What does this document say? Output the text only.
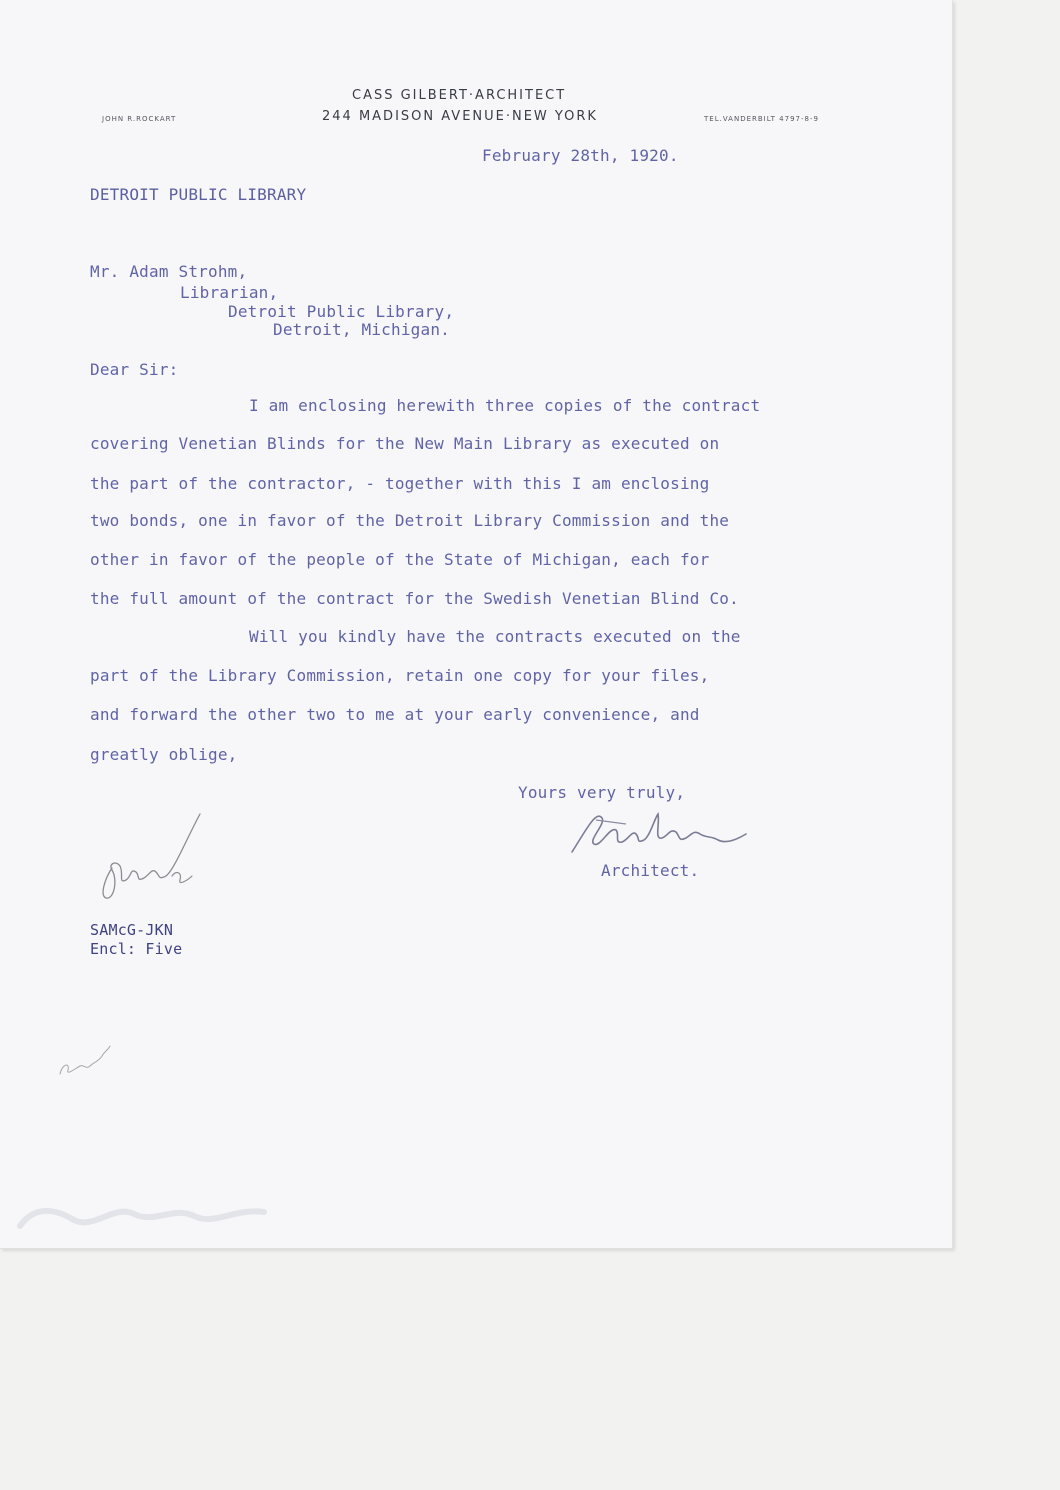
CASS GILBERT·ARCHITECT
244 MADISON AVENUE·NEW YORK
JOHN R.ROCKART	TEL.VANDERBILT 4797-8-9
February 28th, 1920.
DETROIT PUBLIC LIBRARY
Mr. Adam Strohm,
Librarian,
Detroit Public Library,
Detroit, Michigan.
Dear Sir:
I am enclosing herewith three copies of the contract
covering Venetian Blinds for the New Main Library as executed on
the part of the contractor, - together with this I am enclosing
two bonds, one in favor of the Detroit Library Commission and the
other in favor of the people of the State of Michigan, each for
the full amount of the contract for the Swedish Venetian Blind Co.
Will you kindly have the contracts executed on the
part of the Library Commission, retain one copy for your files,
and forward the other two to me at your early convenience, and
greatly oblige,
Yours very truly,
Architect.
SAMcG-JKN
Encl: Five
